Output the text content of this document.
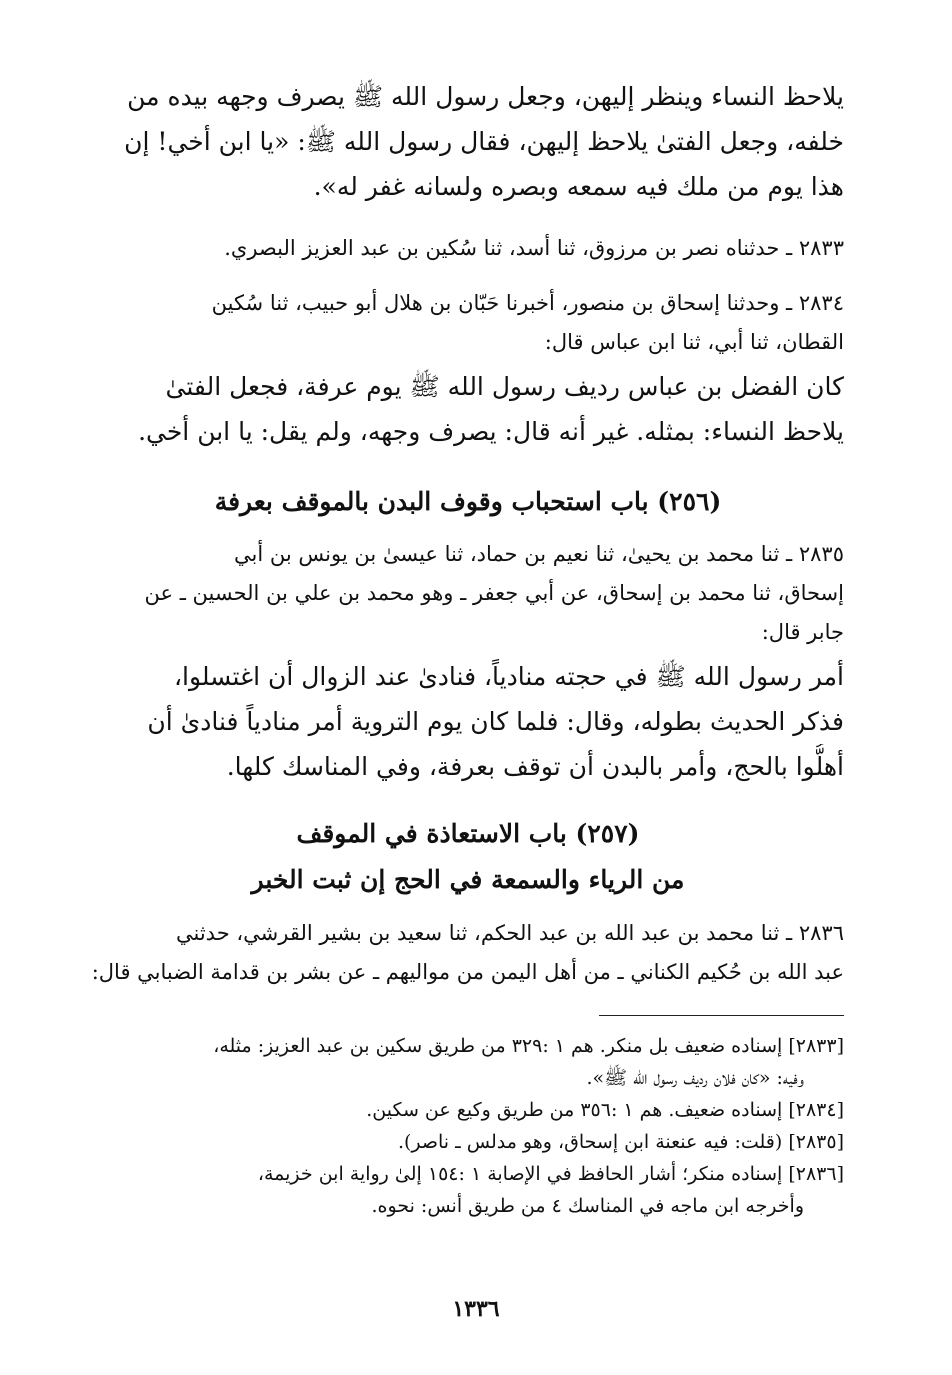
يلاحظ النساء وينظر إليهن، وجعل رسول الله ﷺ يصرف وجهه بيده من
خلفه، وجعل الفتىٰ يلاحظ إليهن، فقال رسول الله ﷺ: «يا ابن أخي! إن
هذا يوم من ملك فيه سمعه وبصره ولسانه غفر له».
٢٨٣٣ ـ حدثناه نصر بن مرزوق، ثنا أسد، ثنا سُكين بن عبد العزيز البصري.
٢٨٣٤ ـ وحدثنا إسحاق بن منصور، أخبرنا حَبّان بن هلال أبو حبيب، ثنا سُكين
القطان، ثنا أبي، ثنا ابن عباس قال:
كان الفضل بن عباس رديف رسول الله ﷺ يوم عرفة، فجعل الفتىٰ
يلاحظ النساء: بمثله. غير أنه قال: يصرف وجهه، ولم يقل: يا ابن أخي.
(٢٥٦) باب استحباب وقوف البدن بالموقف بعرفة
٢٨٣٥ ـ ثنا محمد بن يحيىٰ، ثنا نعيم بن حماد، ثنا عيسىٰ بن يونس بن أبي
إسحاق، ثنا محمد بن إسحاق، عن أبي جعفر ـ وهو محمد بن علي بن الحسين ـ عن
جابر قال:
أمر رسول الله ﷺ في حجته منادياً، فنادىٰ عند الزوال أن اغتسلوا،
فذكر الحديث بطوله، وقال: فلما كان يوم التروية أمر منادياً فنادىٰ أن
أهلُّوا بالحج، وأمر بالبدن أن توقف بعرفة، وفي المناسك كلها.
(٢٥٧) باب الاستعاذة في الموقف
من الرياء والسمعة في الحج إن ثبت الخبر
٢٨٣٦ ـ ثنا محمد بن عبد الله بن عبد الحكم، ثنا سعيد بن بشير القرشي، حدثني
عبد الله بن حُكيم الكناني ـ من أهل اليمن من مواليهم ـ عن بشر بن قدامة الضبابي قال:
[٢٨٣٣] إسناده ضعيف بل منكر. هم ١ :٣٢٩ من طريق سكين بن عبد العزيز: مثله،
وفيه: «كان فلان رديف رسول الله ﷺ».
[٢٨٣٤] إسناده ضعيف. هم ١ :٣٥٦ من طريق وكيع عن سكين.
[٢٨٣٥] (قلت: فيه عنعنة ابن إسحاق، وهو مدلس ـ ناصر).
[٢٨٣٦] إسناده منكر؛ أشار الحافظ في الإصابة ١ :١٥٤ إلىٰ رواية ابن خزيمة،
وأخرجه ابن ماجه في المناسك ٤ من طريق أنس: نحوه.
١٣٣٦
